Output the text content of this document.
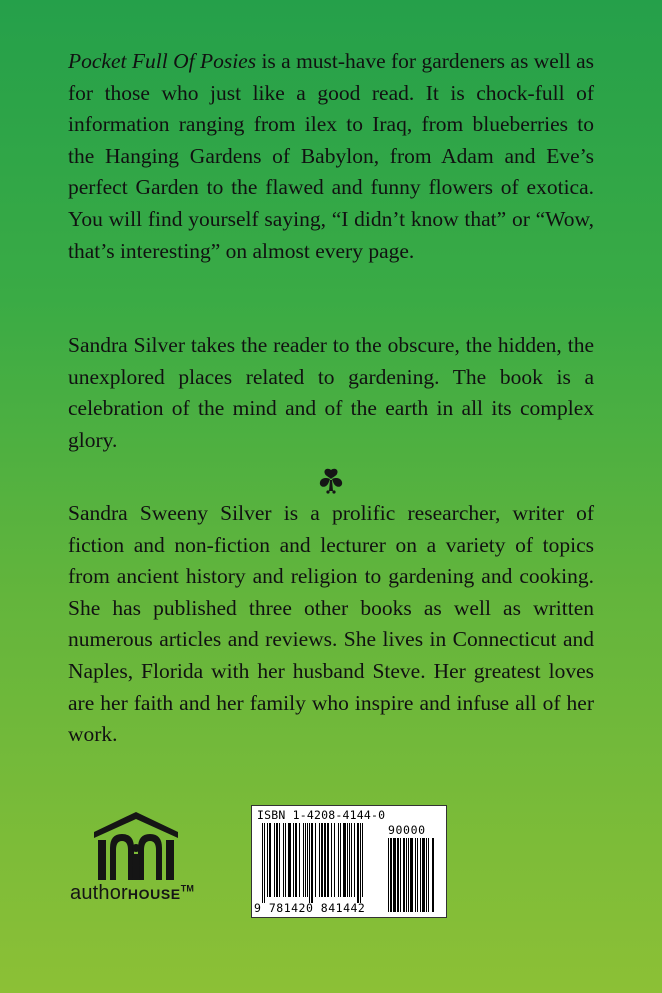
Pocket Full Of Posies is a must-have for gardeners as well as for those who just like a good read. It is chock-full of information ranging from ilex to Iraq, from blueberries to the Hanging Gardens of Babylon, from Adam and Eve’s perfect Garden to the flawed and funny flowers of exotica. You will find yourself saying, “I didn’t know that” or “Wow, that’s interesting” on almost every page.

Sandra Silver takes the reader to the obscure, the hidden, the unexplored places related to gardening. The book is a celebration of the mind and of the earth in all its complex glory.

Sandra Sweeny Silver is a prolific researcher, writer of fiction and non-fiction and lecturer on a variety of topics from ancient history and religion to gardening and cooking. She has published three other books as well as written numerous articles and reviews. She lives in Connecticut and Naples, Florida with her husband Steve. Her greatest loves are her faith and her family who inspire and infuse all of her work.

authorHOUSE™
ISBN 1-4208-4144-0
90000
9 781420 841442
